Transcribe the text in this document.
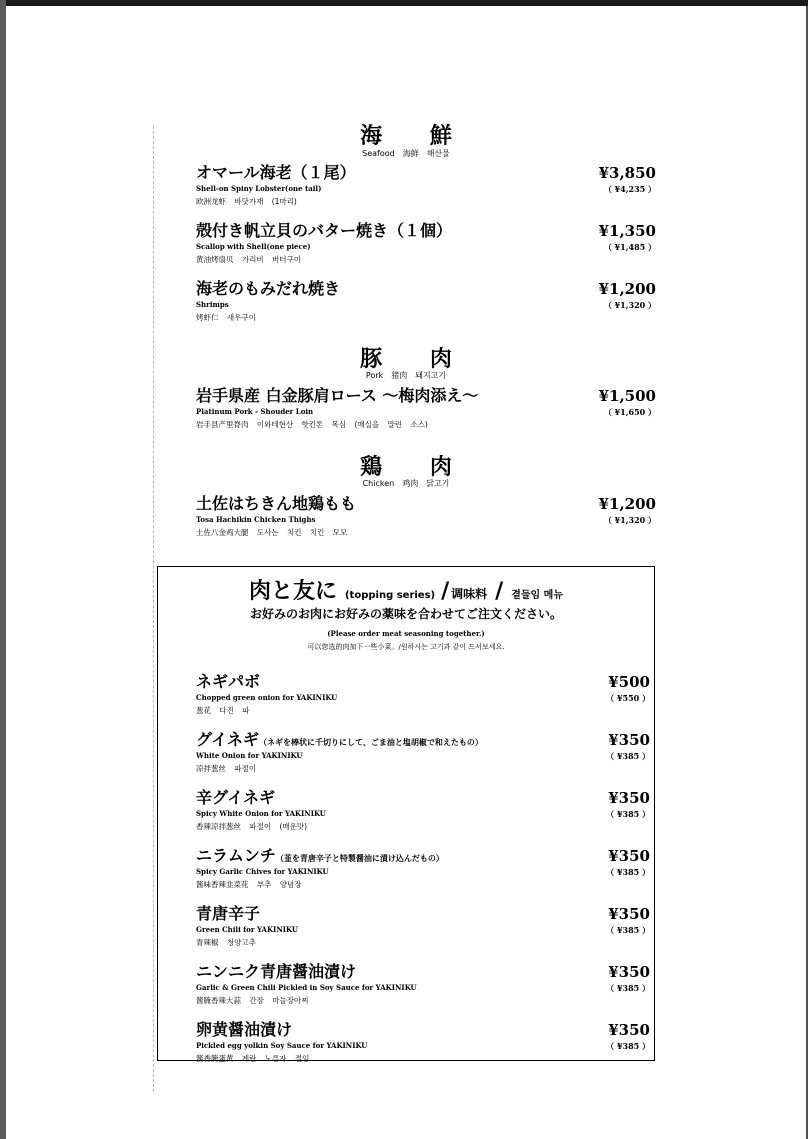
海 鮮
Seafood　海鲜　해산물
オマール海老（１尾）
Shell-on Spiny Lobster(one tail)
欧洲龙虾 바닷가재 (1마리)
¥3,850
（ ¥4,235 ）
殻付き帆立貝のバター焼き（１個）
Scallop with Shell(one piece)
黄油烤扇贝 가리비 버터구이
¥1,350
（ ¥1,485 ）
海老のもみだれ焼き
Shrimps
烤虾仁 새우구이
¥1,200
（ ¥1,320 ）
豚 肉
Pork　猪肉　돼지고기
岩手県産 白金豚肩ロース ～梅肉添え～
Platinum Pork - Shouder Loin
岩手县产里脊肉 이와테현산 핫킨톤 목심 (매실을 말린 소스)
¥1,500
（ ¥1,650 ）
鶏 肉
Chicken　鸡肉　닭고기
土佐はちきん地鶏もも
Tosa Hachikin Chicken Thighs
土佐八金鸡大腿 도사는 치킨 치킨 모모
¥1,200
（ ¥1,320 ）
肉と友に (topping series) / 调味料 / 곁들임 메뉴
お好みのお肉にお好みの薬味を合わせてご注文ください。
(Please order meat seasoning together.)
可以您选的肉加下一些小菜。/원하시는 고기과 같이 드셔보세요.
ネギパボ
Chopped green onion for YAKINIKU
葱花 다진 파
¥500
（ ¥550 ）
グイネギ（ネギを棒状に千切りにして、ごま油と塩胡椒で和えたもの）
White Onion for YAKINIKU
凉拌葱丝 파절이
¥350
（ ¥385 ）
辛グイネギ
Spicy White Onion for YAKINIKU
香辣凉拌葱丝 파절이 (매운맛)
¥350
（ ¥385 ）
ニラムンチ（韮を青唐辛子と特製醤油に漬け込んだもの）
Spicy Garlic Chives for YAKINIKU
酱味香辣韭菜花 부추 양념장
¥350
（ ¥385 ）
青唐辛子
Green Chili for YAKINIKU
青辣椒 청양고추
¥350
（ ¥385 ）
ニンニク青唐醤油漬け
Garlic & Green Chili Pickled in Soy Sauce for YAKINIKU
酱腌香辣大蒜 간장 마늘장아찌
¥350
（ ¥385 ）
卵黄醤油漬け
Pickled egg yolkin Soy Sauce for YAKINIKU
酱香腌蛋黄 계란 노른자 절임
¥350
（ ¥385 ）
